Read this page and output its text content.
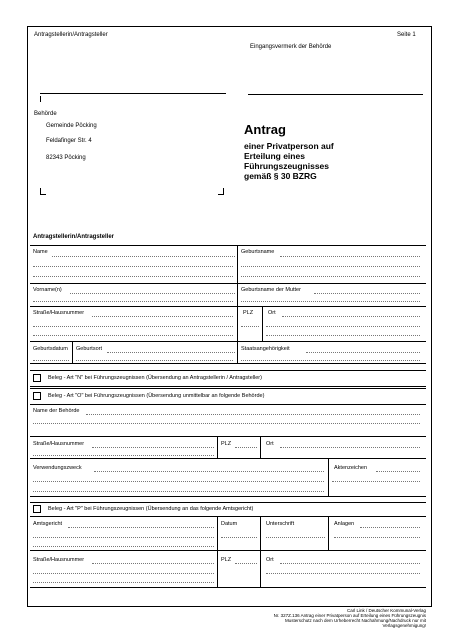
Antragstellerin/Antragsteller	Seite 1
Eingangsvermerk der Behörde
Behörde
Gemeinde Pöcking
Feldafinger Str. 4
82343 Pöcking
Antrag
einer Privatperson auf
Erteilung eines
Führungszeugnisses
gemäß § 30 BZRG
Antragstellerin/Antragsteller
Name	Geburtsname
Vorname(n)	Geburtsname der Mutter
Straße/Hausnummer	PLZ	Ort
Geburtsdatum Geburtsort	Staatsangehörigkeit
Beleg - Art "N" bei Führungszeugnissen (Übersendung an Antragstellerin / Antragsteller)
Beleg - Art "O" bei Führungszeugnissen (Übersendung unmittelbar an folgende Behörde)
Name der Behörde
Straße/Hausnummer	PLZ	Ort
Verwendungszweck	Aktenzeichen
Beleg - Art "P" bei Führungszeugnissen (Übersendung an das folgende Amtsgericht)
Amtsgericht	Datum	Unterschrift	Anlagen
Straße/Hausnummer	PLZ	Ort
Carl Link / Deutscher Kommunal-Verlag
Nr. 327Z.136 Antrag einer Privatperson auf Erteilung eines Führungszeugnis
Musterschutz nach dem Urheberrecht Nachahmung/Nachdruck nur mit
Verlagsgenehmigung!
